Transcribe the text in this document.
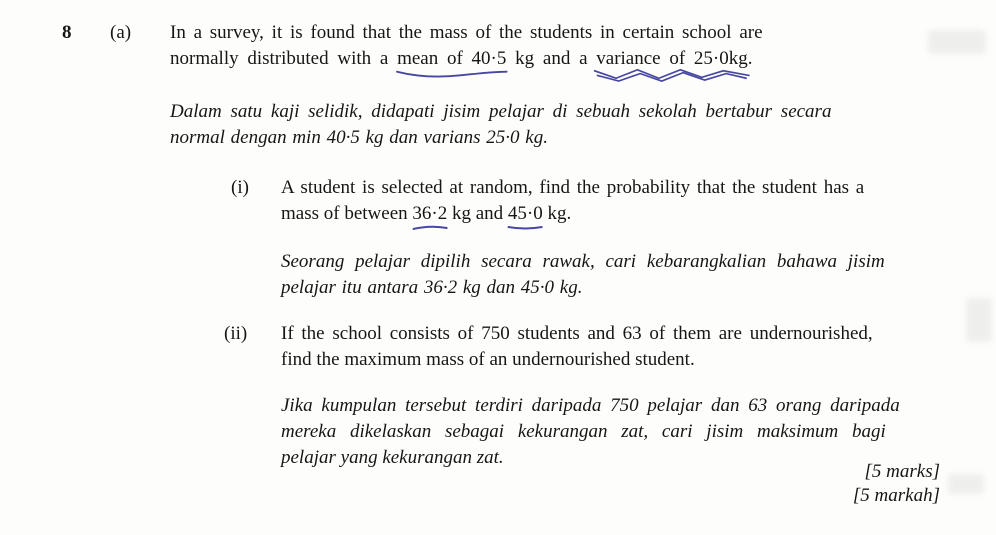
8 (a) In a survey, it is found that the mass of the students in certain school are
normally distributed with a mean of 40·5
kg and a variance of 25·0kg
.
Dalam satu kaji selidik, didapati jisim pelajar di sebuah sekolah bertabur secara
normal dengan min 40·5 kg dan varians 25·0 kg.
(i) A student is selected at random, find the probability that the student has a
mass of between 36·2
kg and 45·0
kg.
Seorang pelajar dipilih secara rawak, cari kebarangkalian bahawa jisim
pelajar itu antara 36·2 kg dan 45·0 kg.
(ii) If the school consists of 750 students and 63 of them are undernourished,
find the maximum mass of an undernourished student.
Jika kumpulan tersebut terdiri daripada 750 pelajar dan 63 orang daripada
mereka dikelaskan sebagai kekurangan zat, cari jisim maksimum bagi
pelajar yang kekurangan zat.
[5 marks]
[5 markah]
